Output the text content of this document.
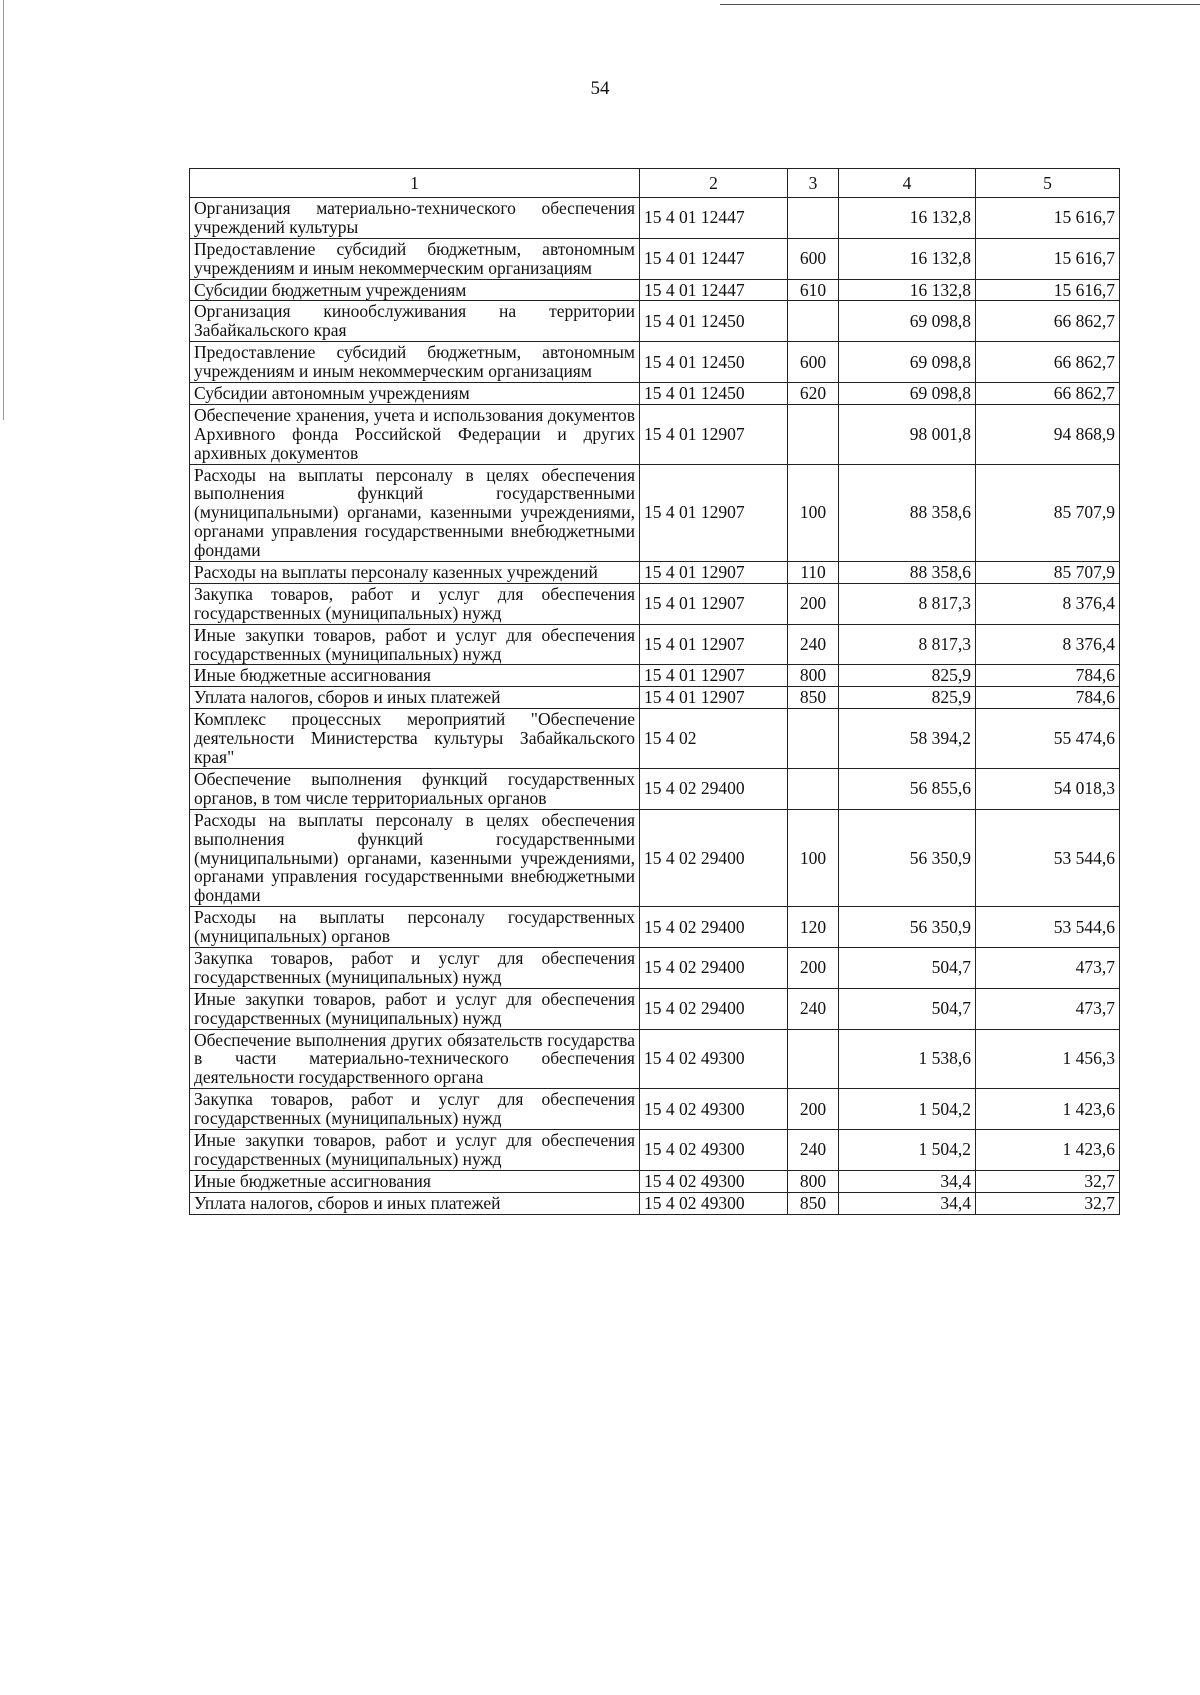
54
1	2	3	4	5
Организация материально-технического обеспечения учреждений культуры	15 4 01 12447		16 132,8	15 616,7
Предоставление субсидий бюджетным, автономным учреждениям и иным некоммерческим организациям	15 4 01 12447	600	16 132,8	15 616,7
Субсидии бюджетным учреждениям	15 4 01 12447	610	16 132,8	15 616,7
Организация кинообслуживания на территории Забайкальского края	15 4 01 12450		69 098,8	66 862,7
Предоставление субсидий бюджетным, автономным учреждениям и иным некоммерческим организациям	15 4 01 12450	600	69 098,8	66 862,7
Субсидии автономным учреждениям	15 4 01 12450	620	69 098,8	66 862,7
Обеспечение хранения, учета и использования документов Архивного фонда Российской Федерации и других архивных документов	15 4 01 12907		98 001,8	94 868,9
Расходы на выплаты персоналу в целях обеспечения выполнения функций государственными (муниципальными) органами, казенными учреждениями, органами управления государственными внебюджетными фондами	15 4 01 12907	100	88 358,6	85 707,9
Расходы на выплаты персоналу казенных учреждений	15 4 01 12907	110	88 358,6	85 707,9
Закупка товаров, работ и услуг для обеспечения государственных (муниципальных) нужд	15 4 01 12907	200	8 817,3	8 376,4
Иные закупки товаров, работ и услуг для обеспечения государственных (муниципальных) нужд	15 4 01 12907	240	8 817,3	8 376,4
Иные бюджетные ассигнования	15 4 01 12907	800	825,9	784,6
Уплата налогов, сборов и иных платежей	15 4 01 12907	850	825,9	784,6
Комплекс процессных мероприятий "Обеспечение деятельности Министерства культуры Забайкальского края"	15 4 02		58 394,2	55 474,6
Обеспечение выполнения функций государственных органов, в том числе территориальных органов	15 4 02 29400		56 855,6	54 018,3
Расходы на выплаты персоналу в целях обеспечения выполнения функций государственными (муниципальными) органами, казенными учреждениями, органами управления государственными внебюджетными фондами	15 4 02 29400	100	56 350,9	53 544,6
Расходы на выплаты персоналу государственных (муниципальных) органов	15 4 02 29400	120	56 350,9	53 544,6
Закупка товаров, работ и услуг для обеспечения государственных (муниципальных) нужд	15 4 02 29400	200	504,7	473,7
Иные закупки товаров, работ и услуг для обеспечения государственных (муниципальных) нужд	15 4 02 29400	240	504,7	473,7
Обеспечение выполнения других обязательств государства в части материально-технического обеспечения деятельности государственного органа	15 4 02 49300		1 538,6	1 456,3
Закупка товаров, работ и услуг для обеспечения государственных (муниципальных) нужд	15 4 02 49300	200	1 504,2	1 423,6
Иные закупки товаров, работ и услуг для обеспечения государственных (муниципальных) нужд	15 4 02 49300	240	1 504,2	1 423,6
Иные бюджетные ассигнования	15 4 02 49300	800	34,4	32,7
Уплата налогов, сборов и иных платежей	15 4 02 49300	850	34,4	32,7
